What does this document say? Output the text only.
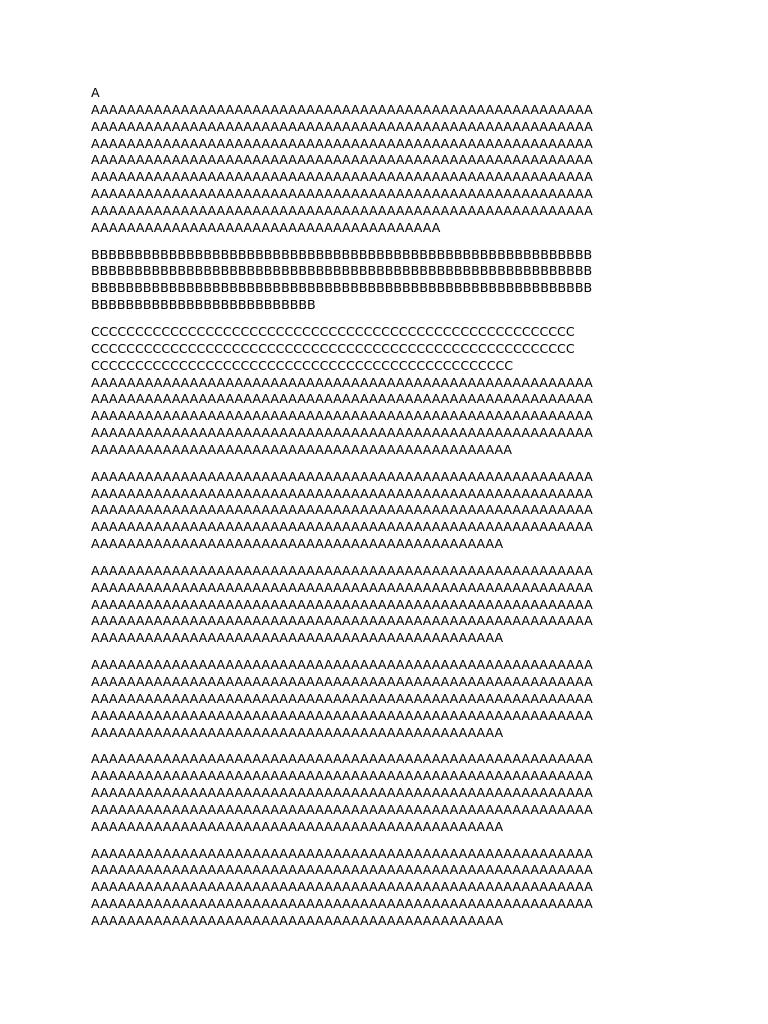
A
AAAAAAAAAAAAAAAAAAAAAAAAAAAAAAAAAAAAAAAAAAAAAAAAAAAAAAAA
AAAAAAAAAAAAAAAAAAAAAAAAAAAAAAAAAAAAAAAAAAAAAAAAAAAAAAAA
AAAAAAAAAAAAAAAAAAAAAAAAAAAAAAAAAAAAAAAAAAAAAAAAAAAAAAAA
AAAAAAAAAAAAAAAAAAAAAAAAAAAAAAAAAAAAAAAAAAAAAAAAAAAAAAAA
AAAAAAAAAAAAAAAAAAAAAAAAAAAAAAAAAAAAAAAAAAAAAAAAAAAAAAAA
AAAAAAAAAAAAAAAAAAAAAAAAAAAAAAAAAAAAAAAAAAAAAAAAAAAAAAAA
AAAAAAAAAAAAAAAAAAAAAAAAAAAAAAAAAAAAAAAAAAAAAAAAAAAAAAAA
AAAAAAAAAAAAAAAAAAAAAAAAAAAAAAAAAAAAAAA
BBBBBBBBBBBBBBBBBBBBBBBBBBBBBBBBBBBBBBBBBBBBBBBBBBBBBBBBBB
BBBBBBBBBBBBBBBBBBBBBBBBBBBBBBBBBBBBBBBBBBBBBBBBBBBBBBBBBB
BBBBBBBBBBBBBBBBBBBBBBBBBBBBBBBBBBBBBBBBBBBBBBBBBBBBBBBBBB
BBBBBBBBBBBBBBBBBBBBBBBBBB
CCCCCCCCCCCCCCCCCCCCCCCCCCCCCCCCCCCCCCCCCCCCCCCCCCCCCCC
CCCCCCCCCCCCCCCCCCCCCCCCCCCCCCCCCCCCCCCCCCCCCCCCCCCCCCC
CCCCCCCCCCCCCCCCCCCCCCCCCCCCCCCCCCCCCCCCCCCCCCCC
AAAAAAAAAAAAAAAAAAAAAAAAAAAAAAAAAAAAAAAAAAAAAAAAAAAAAAAA
AAAAAAAAAAAAAAAAAAAAAAAAAAAAAAAAAAAAAAAAAAAAAAAAAAAAAAAA
AAAAAAAAAAAAAAAAAAAAAAAAAAAAAAAAAAAAAAAAAAAAAAAAAAAAAAAA
AAAAAAAAAAAAAAAAAAAAAAAAAAAAAAAAAAAAAAAAAAAAAAAAAAAAAAAA
AAAAAAAAAAAAAAAAAAAAAAAAAAAAAAAAAAAAAAAAAAAAAAA
AAAAAAAAAAAAAAAAAAAAAAAAAAAAAAAAAAAAAAAAAAAAAAAAAAAAAAAA
AAAAAAAAAAAAAAAAAAAAAAAAAAAAAAAAAAAAAAAAAAAAAAAAAAAAAAAA
AAAAAAAAAAAAAAAAAAAAAAAAAAAAAAAAAAAAAAAAAAAAAAAAAAAAAAAA
AAAAAAAAAAAAAAAAAAAAAAAAAAAAAAAAAAAAAAAAAAAAAAAAAAAAAAAA
AAAAAAAAAAAAAAAAAAAAAAAAAAAAAAAAAAAAAAAAAAAAAA
AAAAAAAAAAAAAAAAAAAAAAAAAAAAAAAAAAAAAAAAAAAAAAAAAAAAAAAA
AAAAAAAAAAAAAAAAAAAAAAAAAAAAAAAAAAAAAAAAAAAAAAAAAAAAAAAA
AAAAAAAAAAAAAAAAAAAAAAAAAAAAAAAAAAAAAAAAAAAAAAAAAAAAAAAA
AAAAAAAAAAAAAAAAAAAAAAAAAAAAAAAAAAAAAAAAAAAAAAAAAAAAAAAA
AAAAAAAAAAAAAAAAAAAAAAAAAAAAAAAAAAAAAAAAAAAAAA
AAAAAAAAAAAAAAAAAAAAAAAAAAAAAAAAAAAAAAAAAAAAAAAAAAAAAAAA
AAAAAAAAAAAAAAAAAAAAAAAAAAAAAAAAAAAAAAAAAAAAAAAAAAAAAAAA
AAAAAAAAAAAAAAAAAAAAAAAAAAAAAAAAAAAAAAAAAAAAAAAAAAAAAAAA
AAAAAAAAAAAAAAAAAAAAAAAAAAAAAAAAAAAAAAAAAAAAAAAAAAAAAAAA
AAAAAAAAAAAAAAAAAAAAAAAAAAAAAAAAAAAAAAAAAAAAAA
AAAAAAAAAAAAAAAAAAAAAAAAAAAAAAAAAAAAAAAAAAAAAAAAAAAAAAAA
AAAAAAAAAAAAAAAAAAAAAAAAAAAAAAAAAAAAAAAAAAAAAAAAAAAAAAAA
AAAAAAAAAAAAAAAAAAAAAAAAAAAAAAAAAAAAAAAAAAAAAAAAAAAAAAAA
AAAAAAAAAAAAAAAAAAAAAAAAAAAAAAAAAAAAAAAAAAAAAAAAAAAAAAAA
AAAAAAAAAAAAAAAAAAAAAAAAAAAAAAAAAAAAAAAAAAAAAA
AAAAAAAAAAAAAAAAAAAAAAAAAAAAAAAAAAAAAAAAAAAAAAAAAAAAAAAA
AAAAAAAAAAAAAAAAAAAAAAAAAAAAAAAAAAAAAAAAAAAAAAAAAAAAAAAA
AAAAAAAAAAAAAAAAAAAAAAAAAAAAAAAAAAAAAAAAAAAAAAAAAAAAAAAA
AAAAAAAAAAAAAAAAAAAAAAAAAAAAAAAAAAAAAAAAAAAAAAAAAAAAAAAA
AAAAAAAAAAAAAAAAAAAAAAAAAAAAAAAAAAAAAAAAAAAAAA
